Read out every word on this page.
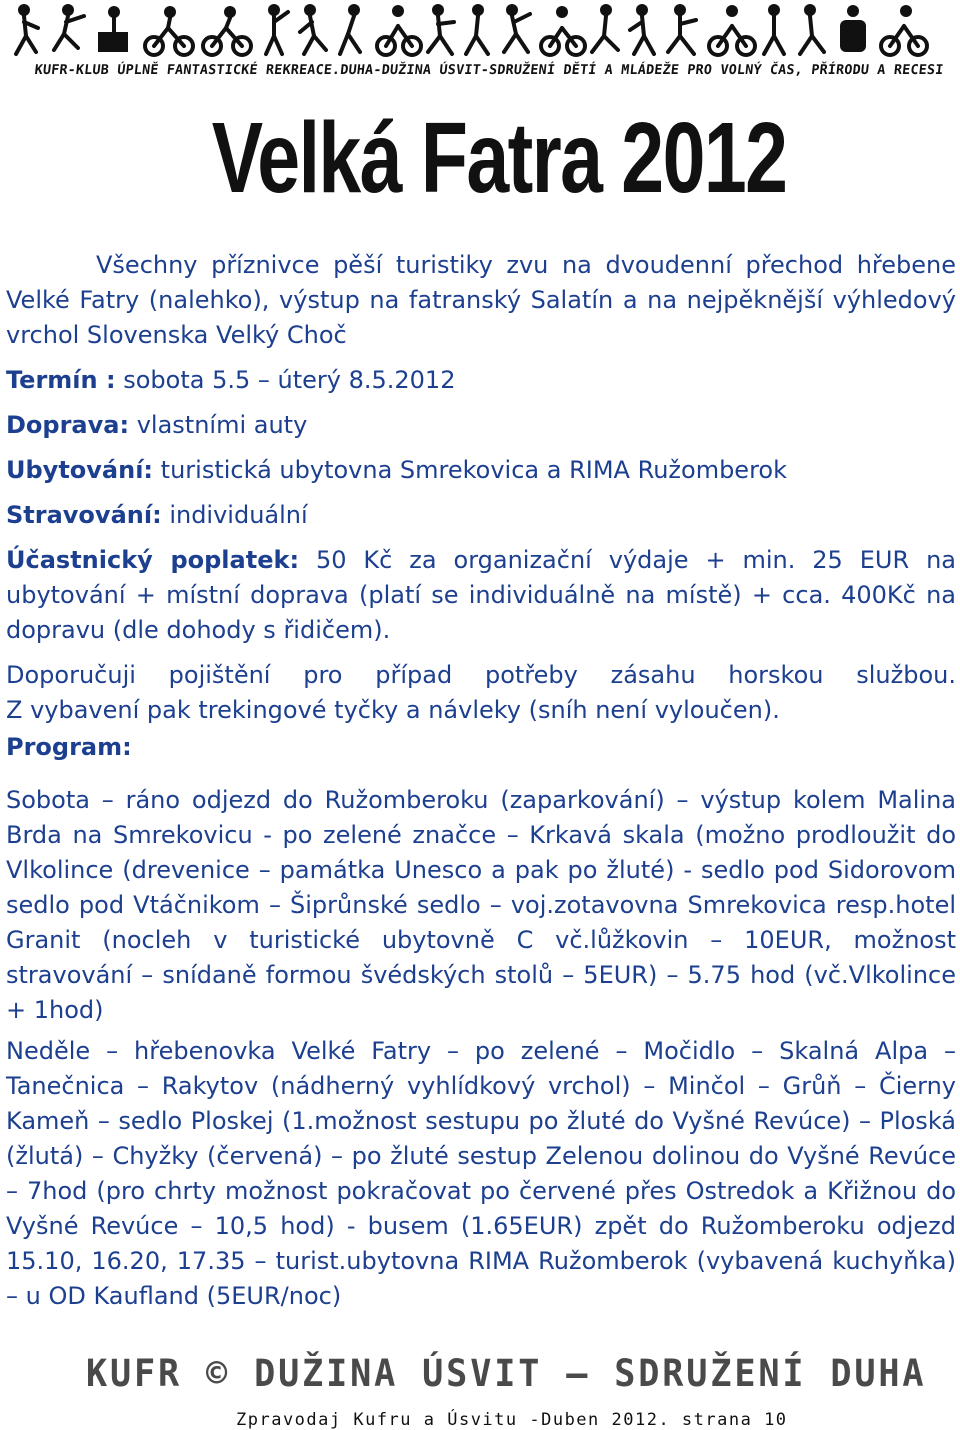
KUFR-KLUB ÚPLNĚ FANTASTICKÉ REKREACE.DUHA-DUŽINA ÚSVIT-SDRUŽENÍ DĚTÍ A MLÁDEŽE PRO VOLNÝ ČAS, PŘÍRODU A RECESI
Velká Fatra 2012

Všechny příznivce pěší turistiky zvu na dvoudenní přechod hřebene Velké Fatry (nalehko), výstup na fatranský Salatín a na nejpěknější výhledový vrchol Slovenska Velký Choč

Termín : sobota 5.5 – úterý 8.5.2012

Doprava: vlastními auty

Ubytování: turistická ubytovna Smrekovica a RIMA Ružomberok

Stravování: individuální

Účastnický poplatek: 50 Kč za organizační výdaje + min. 25 EUR na ubytování + místní doprava (platí se individuálně na místě) + cca. 400Kč na dopravu (dle dohody s řidičem).

Doporučuji pojištění pro případ potřeby zásahu horskou službou.

Z vybavení pak trekingové tyčky a návleky (sníh není vyloučen).

Program:

Sobota – ráno odjezd do Ružomberoku (zaparkování) – výstup kolem Malina Brda na Smrekovicu - po zelené značce – Krkavá skala (možno prodloužit do Vlkolince (drevenice – památka Unesco a pak po žluté) - sedlo pod Sidorovom sedlo pod Vtáčnikom – Šiprůnské sedlo – voj.zotavovna Smrekovica resp.hotel Granit (nocleh v turistické ubytovně C vč.lůžkovin – 10EUR, možnost stravování – snídaně formou švédských stolů – 5EUR) – 5.75 hod (vč.Vlkolince + 1hod)

Neděle – hřebenovka Velké Fatry – po zelené – Močidlo – Skalná Alpa – Tanečnica – Rakytov (nádherný vyhlídkový vrchol) – Minčol – Grůň – Čierny Kameň – sedlo Ploskej (1.možnost sestupu po žluté do Vyšné Revúce) – Ploská (žlutá) – Chyžky (červená) – po žluté sestup Zelenou dolinou do Vyšné Revúce – 7hod (pro chrty možnost pokračovat po červené přes Ostredok a Křižnou do Vyšné Revúce – 10,5 hod) - busem (1.65EUR) zpět do Ružomberoku odjezd 15.10, 16.20, 17.35 – turist.ubytovna RIMA Ružomberok (vybavená kuchyňka) – u OD Kaufland (5EUR/noc)

KUFR © DUŽINA ÚSVIT – SDRUŽENÍ DUHA
Zpravodaj Kufru a Úsvitu -Duben 2012. strana 10
